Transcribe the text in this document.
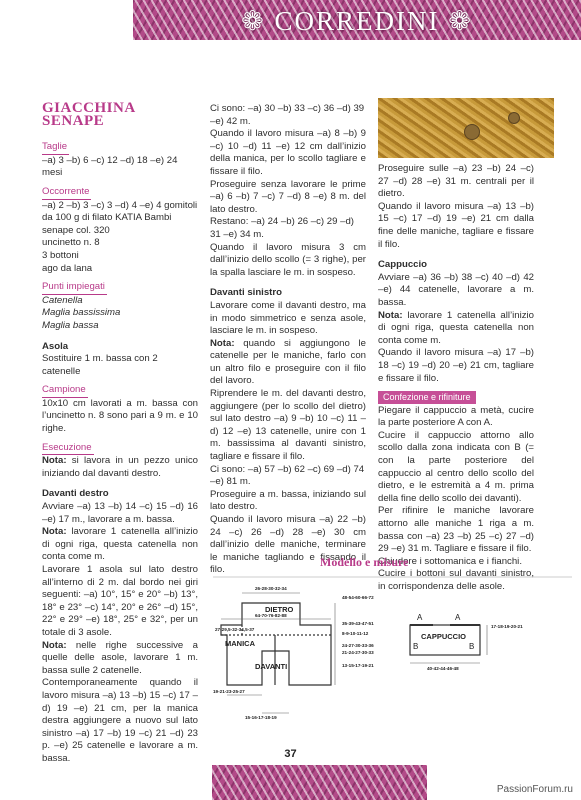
❁ CORREDINI ❁

GIACCHINA SENAPE

Taglie

–a) 3 –b) 6 –c) 12 –d) 18 –e) 24 mesi

Occorrente

–a) 2 –b) 3 –c) 3 –d) 4 –e) 4 gomitoli da 100 g di filato KATIA Bambi senape col. 320

uncinetto n. 8

3 bottoni

ago da lana

Punti impiegati

Catenella

Maglia bassissima

Maglia bassa

Asola

Sostituire 1 m. bassa con 2 catenelle

Campione

10x10 cm lavorati a m. bassa con l’uncinetto n. 8 sono pari a 9 m. e 10 righe.

Esecuzione

Nota: si lavora in un pezzo unico iniziando dal davanti destro.

Davanti destro

Avviare –a) 13 –b) 14 –c) 15 –d) 16 –e) 17 m., lavorare a m. bassa.

Nota: lavorare 1 catenella all’inizio di ogni riga, questa catenella non conta come m.

Lavorare 1 asola sul lato destro all’interno di 2 m. dal bordo nei giri seguenti: –a) 10°, 15° e 20° –b) 13°, 18° e 23° –c) 14°, 20° e 26° –d) 15°, 22° e 29° –e) 18°, 25° e 32°, per un totale di 3 asole.

Nota: nelle righe successive a quelle delle asole, lavorare 1 m. bassa sulle 2 catenelle.

Contemporaneamente quando il lavoro misura –a) 13 –b) 15 –c) 17 –d) 19 –e) 21 cm, per la manica destra aggiungere a nuovo sul lato sinistro –a) 17 –b) 19 –c) 21 –d) 23 p. –e) 25 catenelle e lavorare a m. bassa.

Ci sono: –a) 30 –b) 33 –c) 36 –d) 39 –e) 42 m.

Quando il lavoro misura –a) 8 –b) 9 –c) 10 –d) 11 –e) 12 cm dall’inizio della manica, per lo scollo tagliare e fissare il filo.

Proseguire senza lavorare le prime –a) 6 –b) 7 –c) 7 –d) 8 –e) 8 m. del lato destro.

Restano: –a) 24 –b) 26 –c) 29 –d) 31 –e) 34 m.

Quando il lavoro misura 3 cm dall’inizio dello scollo (= 3 righe), per la spalla lasciare le m. in sospeso.

Davanti sinistro

Lavorare come il davanti destro, ma in modo simmetrico e senza asole, lasciare le m. in sospeso.

Nota: quando si aggiungono le catenelle per le maniche, farlo con un altro filo e proseguire con il filo del lavoro.

Riprendere le m. del davanti destro, aggiungere (per lo scollo del dietro) sul lato destro –a) 9 –b) 10 –c) 11 –d) 12 –e) 13 catenelle, unire con 1 m. bassissima al davanti sinistro, tagliare e fissare il filo.

Ci sono: –a) 57 –b) 62 –c) 69 –d) 74 –e) 81 m.

Proseguire a m. bassa, iniziando sul lato destro.

Quando il lavoro misura –a) 22 –b) 24 –c) 26 –d) 28 –e) 30 cm dall’inizio delle maniche, terminare le maniche tagliando e fissando il filo.

Proseguire sulle –a) 23 –b) 24 –c) 27 –d) 28 –e) 31 m. centrali per il dietro.

Quando il lavoro misura –a) 13 –b) 15 –c) 17 –d) 19 –e) 21 cm dalla fine delle maniche, tagliare e fissare il filo.

Cappuccio

Avviare –a) 36 –b) 38 –c) 40 –d) 42 –e) 44 catenelle, lavorare a m. bassa.

Nota: lavorare 1 catenella all’inizio di ogni riga, questa catenella non conta come m.

Quando il lavoro misura –a) 17 –b) 18 –c) 19 –d) 20 –e) 21 cm, tagliare e fissare il filo.

Confezione e rifiniture

Piegare il cappuccio a metà, cucire la parte posteriore A con A.

Cucire il cappuccio attorno allo scollo dalla zona indicata con B (= con la parte posteriore del cappuccio al centro dello scollo del dietro, e le estremità a 4 m. prima della fine dello scollo dei davanti).

Per rifinire le maniche lavorare attorno alle maniche 1 riga a m. bassa con –a) 23 –b) 25 –c) 27 –d) 29 –e) 31 m. Tagliare e fissare il filo.

Chiudere i sottomanica e i fianchi.

Cucire i bottoni sul davanti sinistro, in corrispondenza delle asole.

Modello e misure
DIETRO
MANICA
DAVANTI
26-28-30-32-34
64-70-76-82-88
27-29,5-32-34,5-37
19-21-23-25-27
15-16-17-18-19
48-54-60-66-72
35-39-43-47-51
8-9-10-11-12
24-27-30-33-36
21-24-27-30-33
13-15-17-19-21
A	A
CAPPUCCIO
B	B
40-42-44-46-48
17-18-19-20-21
37
PassionForum.ru
